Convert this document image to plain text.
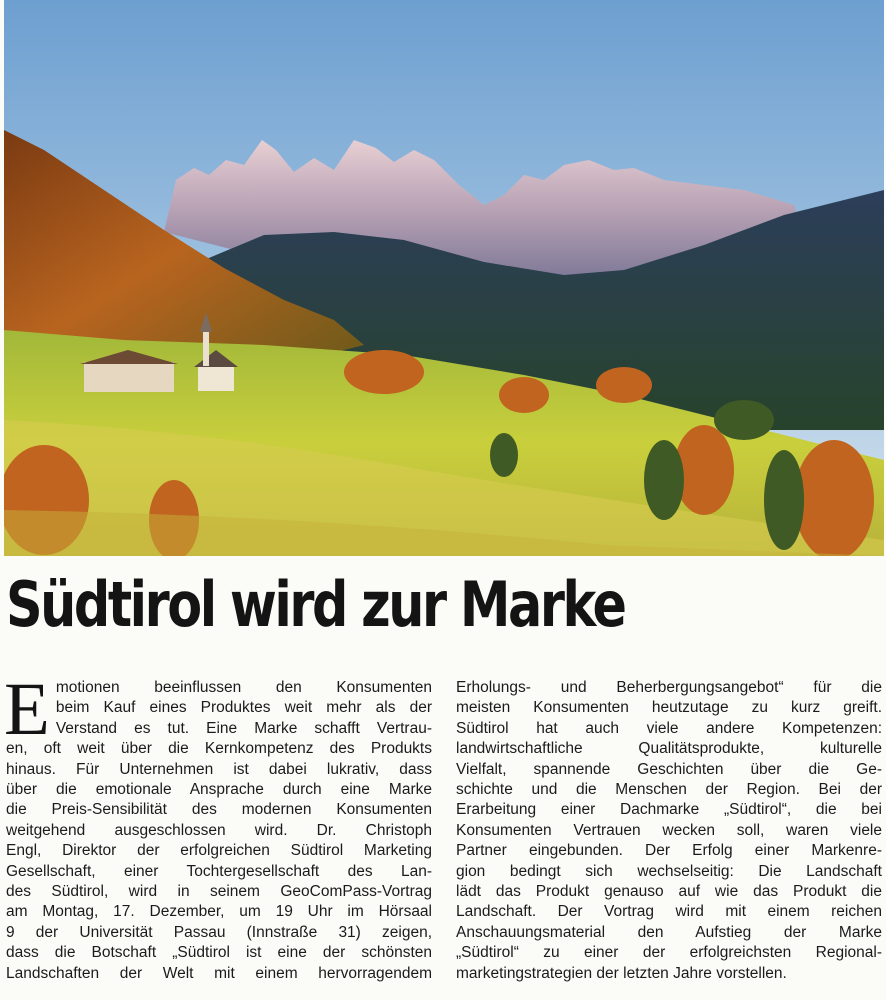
Südtirol wird zur Marke
E motionen beeinflussen den Konsumenten
beim Kauf eines Produktes weit mehr als der
Verstand es tut. Eine Marke schafft Vertrau-
en, oft weit über die Kernkompetenz des Produkts
hinaus. Für Unternehmen ist dabei lukrativ, dass
über die emotionale Ansprache durch eine Marke
die Preis-Sensibilität des modernen Konsumenten
weitgehend ausgeschlossen wird. Dr. Christoph
Engl, Direktor der erfolgreichen Südtirol Marketing
Gesellschaft, einer Tochtergesellschaft des Lan-
des Südtirol, wird in seinem GeoComPass-Vortrag
am Montag, 17. Dezember, um 19 Uhr im Hörsaal
9 der Universität Passau (Innstraße 31) zeigen,
dass die Botschaft „Südtirol ist eine der schönsten
Landschaften der Welt mit einem hervorragendem
Erholungs- und Beherbergungsangebot“ für die
meisten Konsumenten heutzutage zu kurz greift.
Südtirol hat auch viele andere Kompetenzen:
landwirtschaftliche Qualitätsprodukte, kulturelle
Vielfalt, spannende Geschichten über die Ge-
schichte und die Menschen der Region. Bei der
Erarbeitung einer Dachmarke „Südtirol“, die bei
Konsumenten Vertrauen wecken soll, waren viele
Partner eingebunden. Der Erfolg einer Markenre-
gion bedingt sich wechselseitig: Die Landschaft
lädt das Produkt genauso auf wie das Produkt die
Landschaft. Der Vortrag wird mit einem reichen
Anschauungsmaterial den Aufstieg der Marke
„Südtirol“ zu einer der erfolgreichsten Regional-
marketingstrategien der letzten Jahre vorstellen.
